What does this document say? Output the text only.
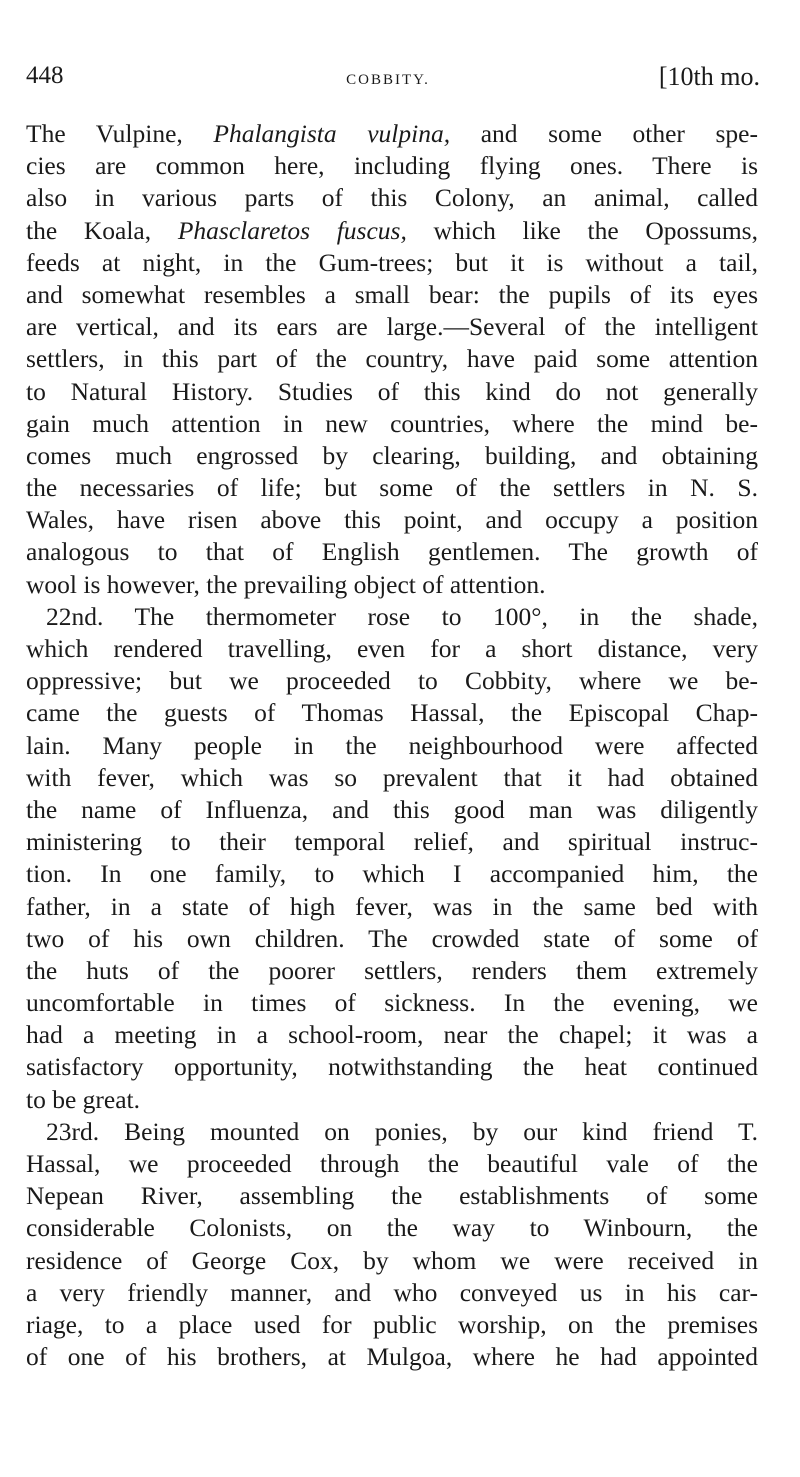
448	COBBITY.	[10th mo.
The Vulpine, Phalangista vulpina, and some other spe-
cies are common here, including flying ones. There is
also in various parts of this Colony, an animal, called
the Koala, Phasclaretos fuscus, which like the Opossums,
feeds at night, in the Gum-trees; but it is without a tail,
and somewhat resembles a small bear: the pupils of its eyes
are vertical, and its ears are large.—Several of the intelligent
settlers, in this part of the country, have paid some attention
to Natural History. Studies of this kind do not generally
gain much attention in new countries, where the mind be-
comes much engrossed by clearing, building, and obtaining
the necessaries of life; but some of the settlers in N. S.
Wales, have risen above this point, and occupy a position
analogous to that of English gentlemen. The growth of
wool is however, the prevailing object of attention.
22nd. The thermometer rose to 100°, in the shade,
which rendered travelling, even for a short distance, very
oppressive; but we proceeded to Cobbity, where we be-
came the guests of Thomas Hassal, the Episcopal Chap-
lain. Many people in the neighbourhood were affected
with fever, which was so prevalent that it had obtained
the name of Influenza, and this good man was diligently
ministering to their temporal relief, and spiritual instruc-
tion. In one family, to which I accompanied him, the
father, in a state of high fever, was in the same bed with
two of his own children. The crowded state of some of
the huts of the poorer settlers, renders them extremely
uncomfortable in times of sickness. In the evening, we
had a meeting in a school-room, near the chapel; it was a
satisfactory opportunity, notwithstanding the heat continued
to be great.
23rd. Being mounted on ponies, by our kind friend T.
Hassal, we proceeded through the beautiful vale of the
Nepean River, assembling the establishments of some
considerable Colonists, on the way to Winbourn, the
residence of George Cox, by whom we were received in
a very friendly manner, and who conveyed us in his car-
riage, to a place used for public worship, on the premises
of one of his brothers, at Mulgoa, where he had appointed
